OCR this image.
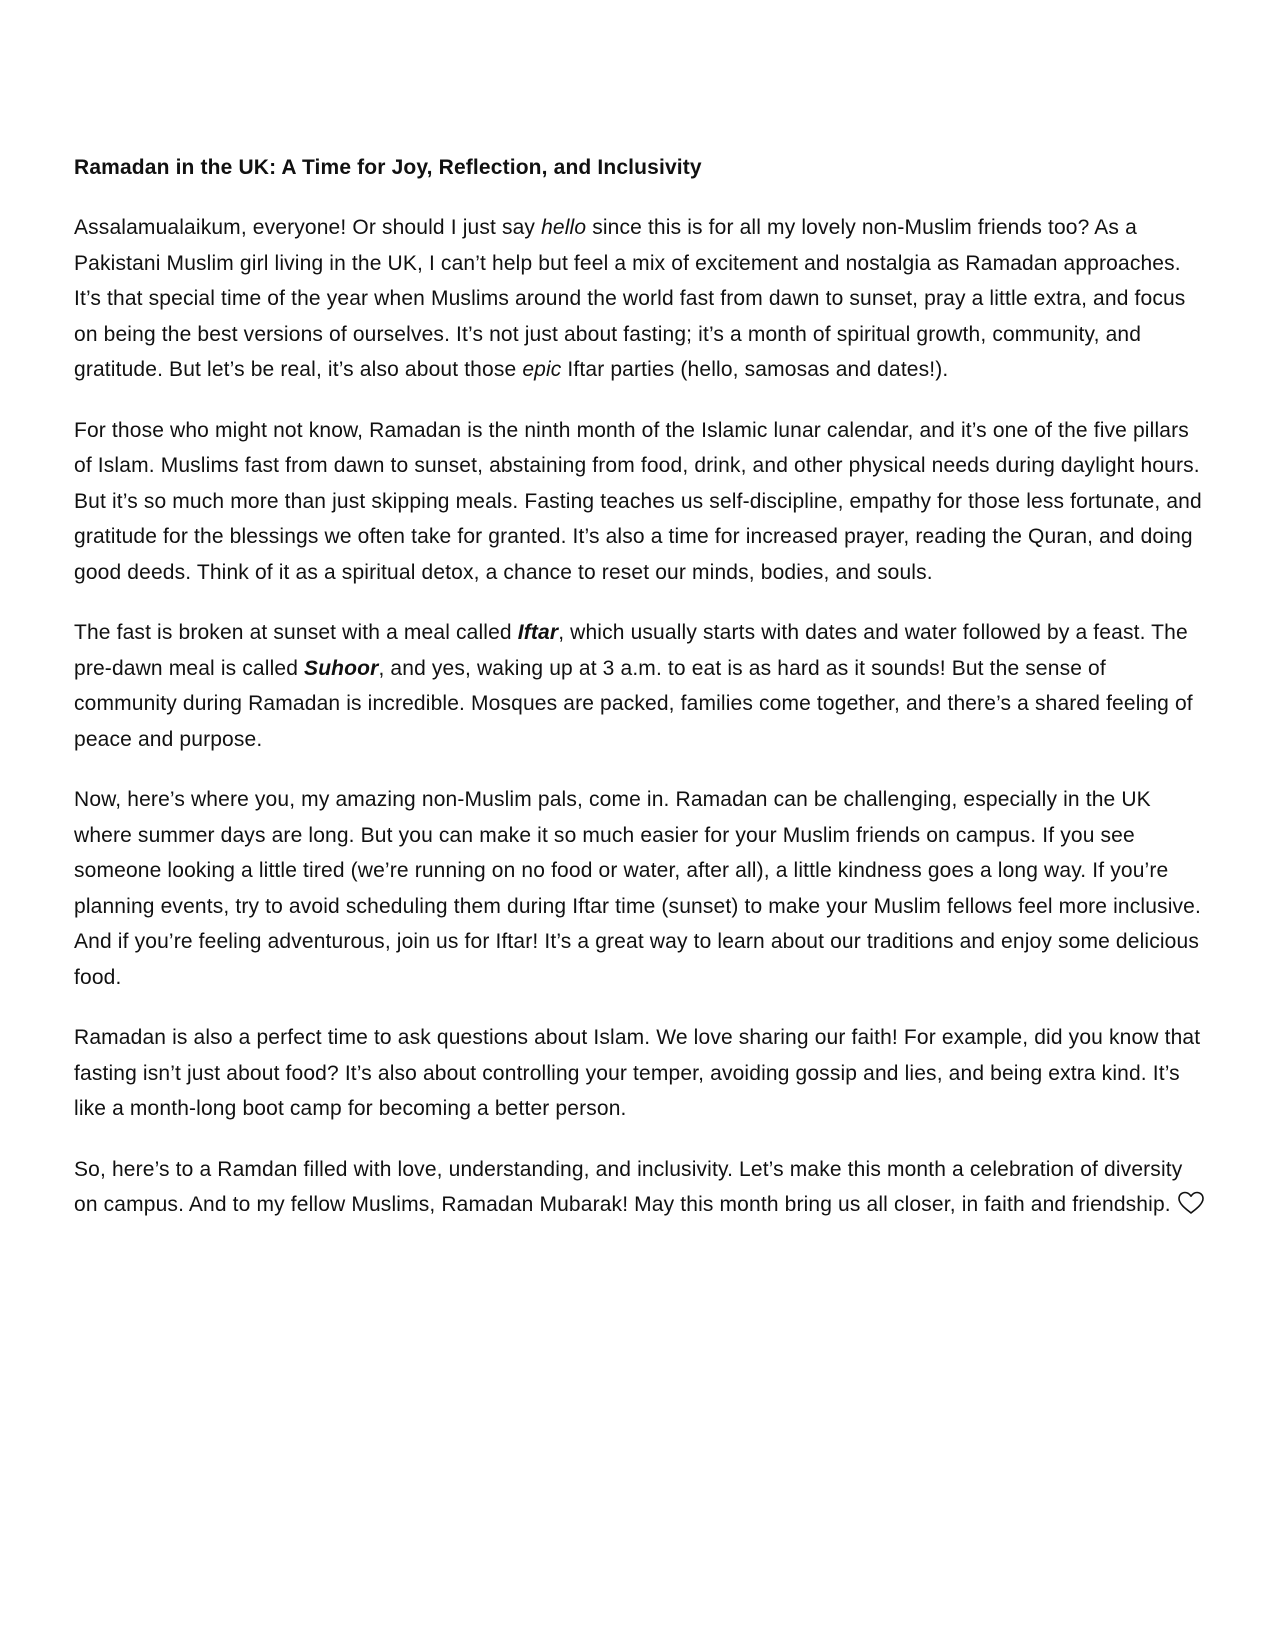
Ramadan in the UK: A Time for Joy, Reflection, and Inclusivity

Assalamualaikum, everyone! Or should I just say hello since this is for all my lovely non-Muslim friends too? As a Pakistani Muslim girl living in the UK, I can’t help but feel a mix of excitement and nostalgia as Ramadan approaches. It’s that special time of the year when Muslims around the world fast from dawn to sunset, pray a little extra, and focus on being the best versions of ourselves. It’s not just about fasting; it’s a month of spiritual growth, community, and gratitude. But let’s be real, it’s also about those epic Iftar parties (hello, samosas and dates!).

For those who might not know, Ramadan is the ninth month of the Islamic lunar calendar, and it’s one of the five pillars of Islam. Muslims fast from dawn to sunset, abstaining from food, drink, and other physical needs during daylight hours. But it’s so much more than just skipping meals. Fasting teaches us self-discipline, empathy for those less fortunate, and gratitude for the blessings we often take for granted. It’s also a time for increased prayer, reading the Quran, and doing good deeds. Think of it as a spiritual detox, a chance to reset our minds, bodies, and souls.

The fast is broken at sunset with a meal called Iftar, which usually starts with dates and water followed by a feast. The pre-dawn meal is called Suhoor, and yes, waking up at 3 a.m. to eat is as hard as it sounds! But the sense of community during Ramadan is incredible. Mosques are packed, families come together, and there’s a shared feeling of peace and purpose.

Now, here’s where you, my amazing non-Muslim pals, come in. Ramadan can be challenging, especially in the UK where summer days are long. But you can make it so much easier for your Muslim friends on campus. If you see someone looking a little tired (we’re running on no food or water, after all), a little kindness goes a long way. If you’re planning events, try to avoid scheduling them during Iftar time (sunset) to make your Muslim fellows feel more inclusive. And if you’re feeling adventurous, join us for Iftar! It’s a great way to learn about our traditions and enjoy some delicious food.

Ramadan is also a perfect time to ask questions about Islam. We love sharing our faith! For example, did you know that fasting isn’t just about food? It’s also about controlling your temper, avoiding gossip and lies, and being extra kind. It’s like a month-long boot camp for becoming a better person.

So, here’s to a Ramdan filled with love, understanding, and inclusivity. Let’s make this month a celebration of diversity on campus. And to my fellow Muslims, Ramadan Mubarak! May this month bring us all closer, in faith and friendship.
